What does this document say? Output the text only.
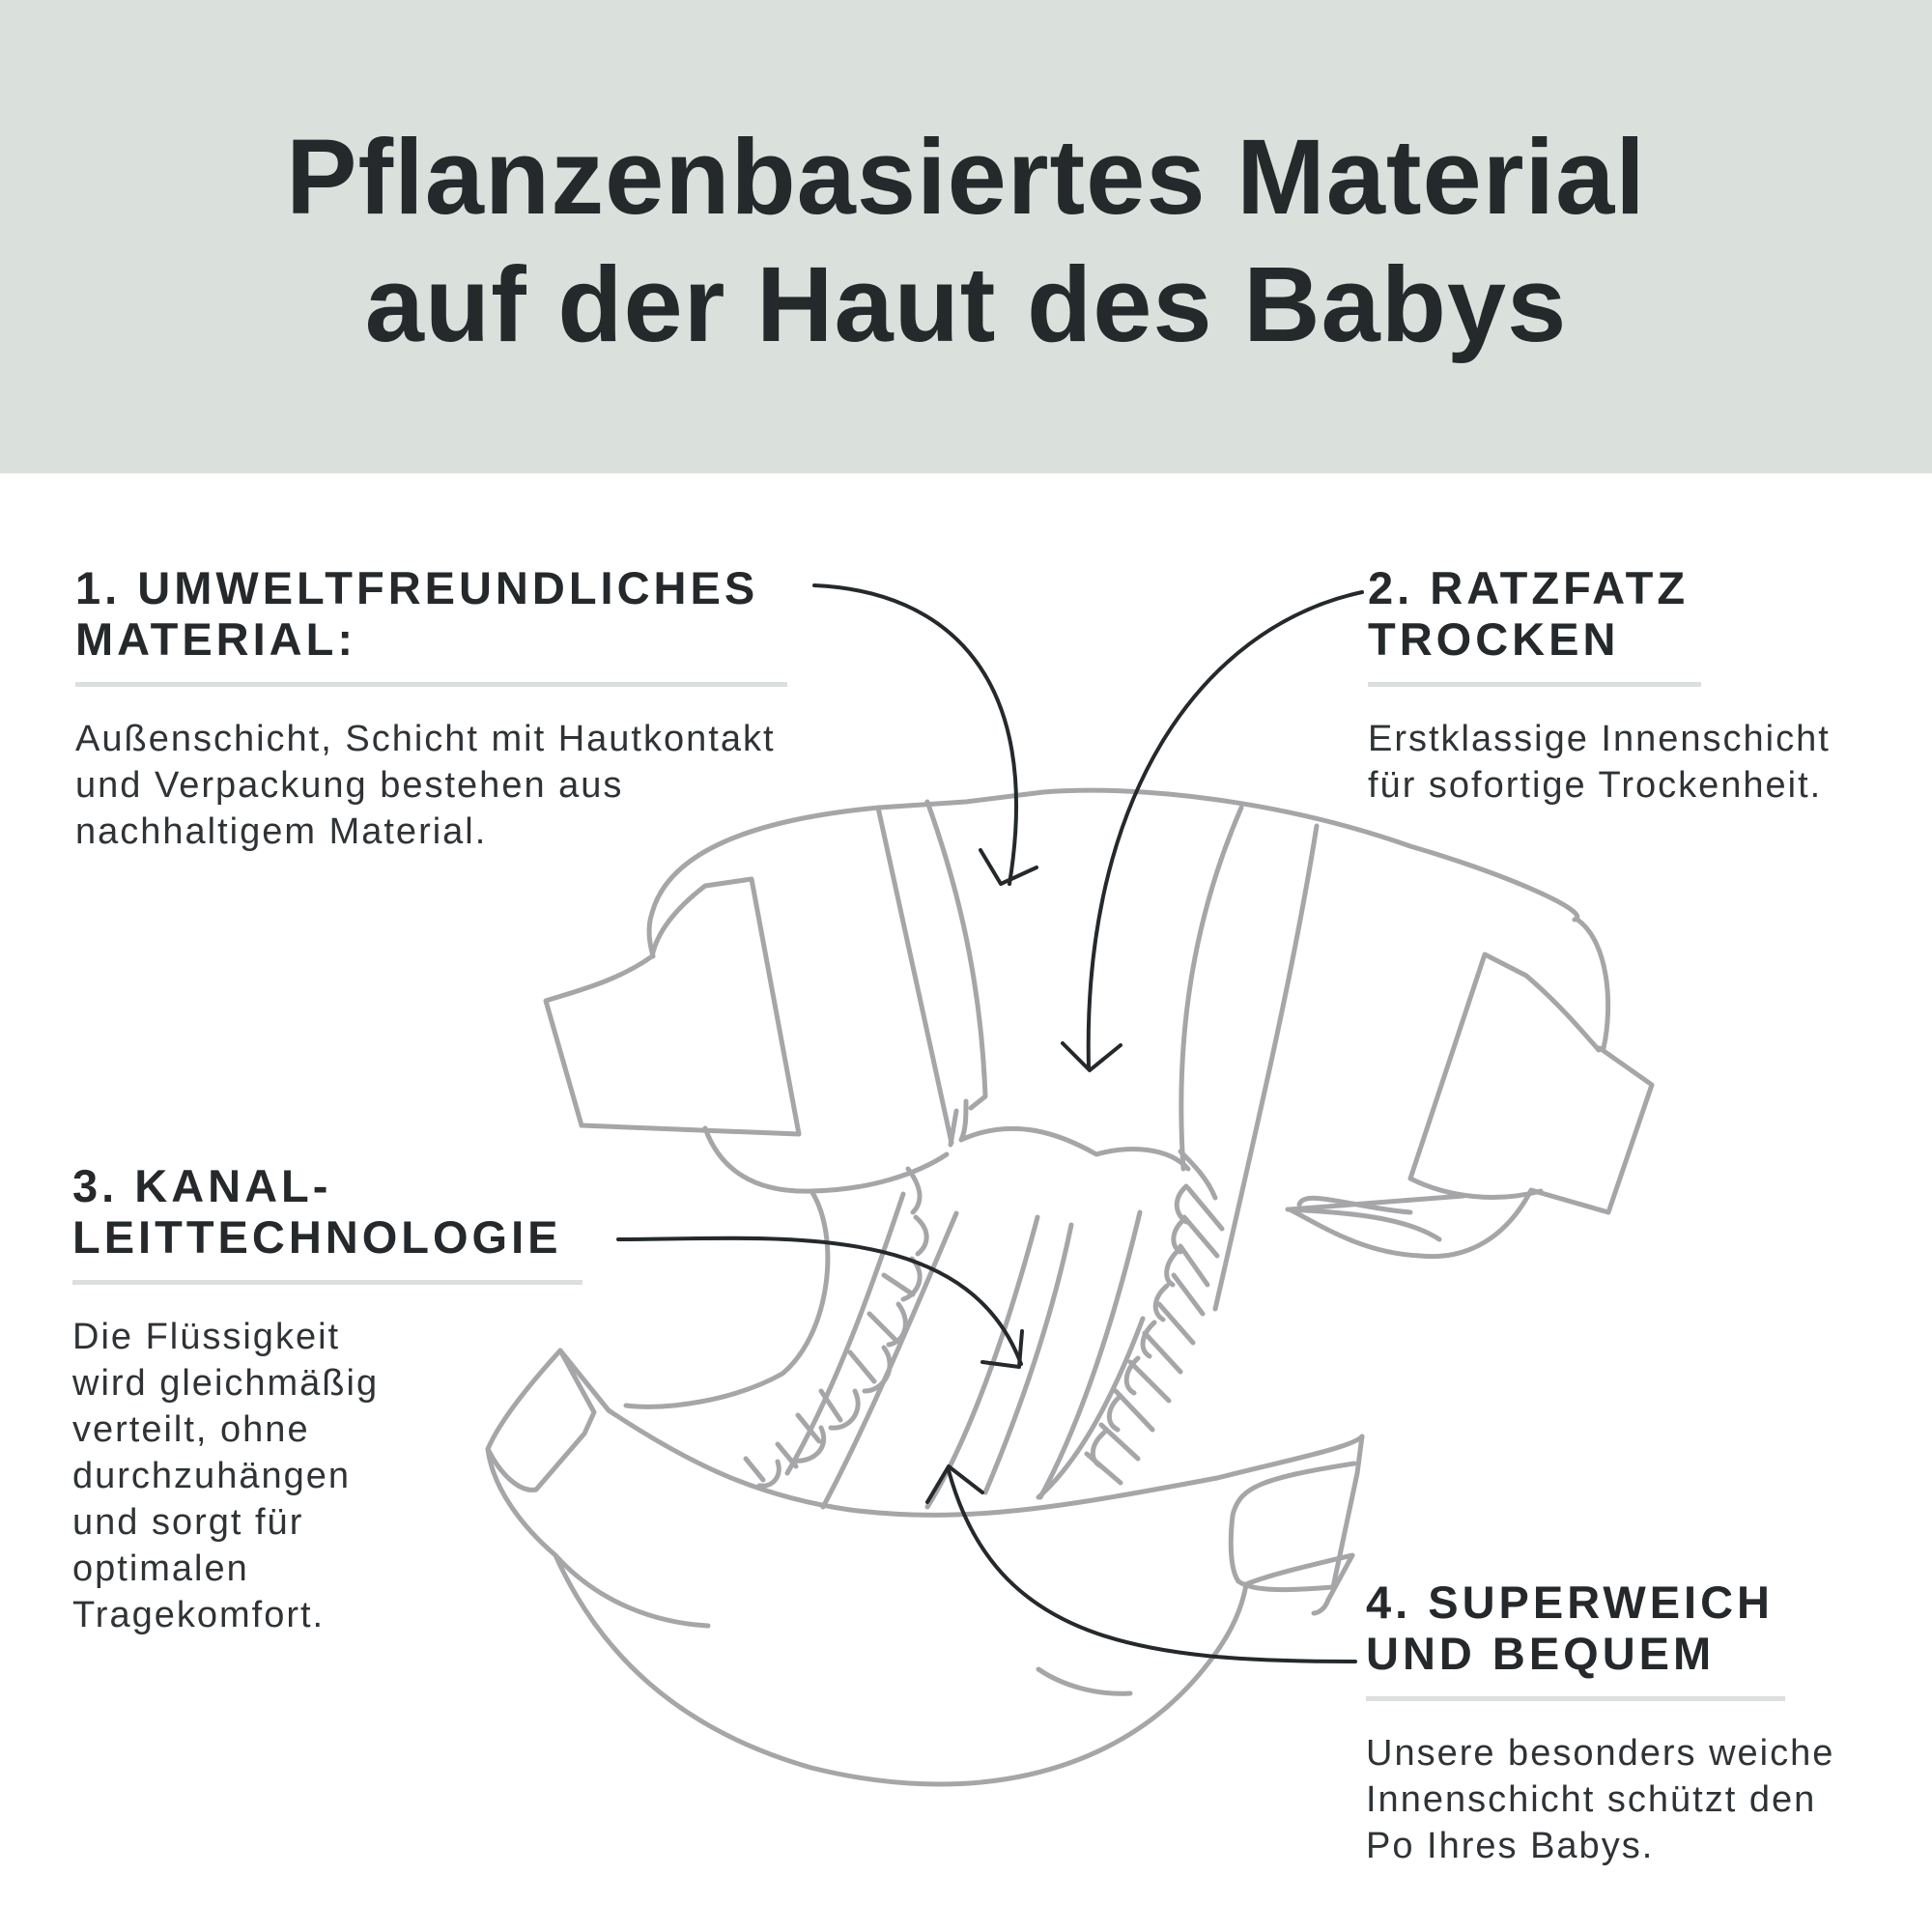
Pflanzenbasiertes Material
auf der Haut des Babys
1. UMWELTFREUNDLICHES
MATERIAL:

Außenschicht, Schicht mit Hautkontakt
und Verpackung bestehen aus
nachhaltigem Material.

2. RATZFATZ
TROCKEN

Erstklassige Innenschicht
für sofortige Trockenheit.

3. KANAL-
LEITTECHNOLOGIE

Die Flüssigkeit
wird gleichmäßig
verteilt, ohne
durchzuhängen
und sorgt für
optimalen
Tragekomfort.	4. SUPERWEICH
UND BEQUEM

Unsere besonders weiche
Innenschicht schützt den
Po Ihres Babys.
